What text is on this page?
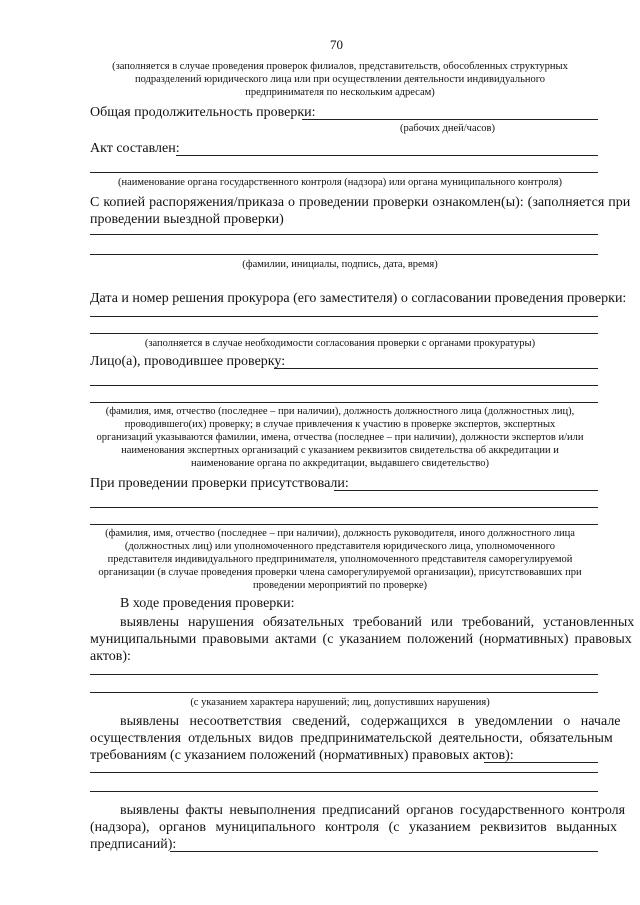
70
(заполняется в случае проведения проверок филиалов, представительств, обособленных структурных
подразделений юридического лица или при осуществлении деятельности индивидуального
предпринимателя по нескольким адресам)
Общая продолжительность проверки:
(рабочих дней/часов)
Акт составлен:
(наименование органа государственного контроля (надзора) или органа муниципального контроля)
С копией распоряжения/приказа о проведении проверки ознакомлен(ы): (заполняется при
проведении выездной проверки)
(фамилии, инициалы, подпись, дата, время)
Дата и номер решения прокурора (его заместителя) о согласовании проведения проверки:
(заполняется в случае необходимости согласования проверки с органами прокуратуры)
Лицо(а), проводившее проверку:
(фамилия, имя, отчество (последнее – при наличии), должность должностного лица (должностных лиц),
проводившего(их) проверку; в случае привлечения к участию в проверке экспертов, экспертных
организаций указываются фамилии, имена, отчества (последнее – при наличии), должности экспертов и/или
наименования экспертных организаций с указанием реквизитов свидетельства об аккредитации и
наименование органа по аккредитации, выдавшего свидетельство)
При проведении проверки присутствовали:
(фамилия, имя, отчество (последнее – при наличии), должность руководителя, иного должностного лица
(должностных лиц) или уполномоченного представителя юридического лица, уполномоченного
представителя индивидуального предпринимателя, уполномоченного представителя саморегулируемой
организации (в случае проведения проверки члена саморегулируемой организации), присутствовавших при
проведении мероприятий по проверке)
В ходе проведения проверки:
выявлены нарушения обязательных требований или требований, установленных
муниципальными правовыми актами (с указанием положений (нормативных) правовых
актов):
(с указанием характера нарушений; лиц, допустивших нарушения)
выявлены несоответствия сведений, содержащихся в уведомлении о начале
осуществления отдельных видов предпринимательской деятельности, обязательным
требованиям (с указанием положений (нормативных) правовых актов):
выявлены факты невыполнения предписаний органов государственного контроля
(надзора), органов муниципального контроля (с указанием реквизитов выданных
предписаний):
